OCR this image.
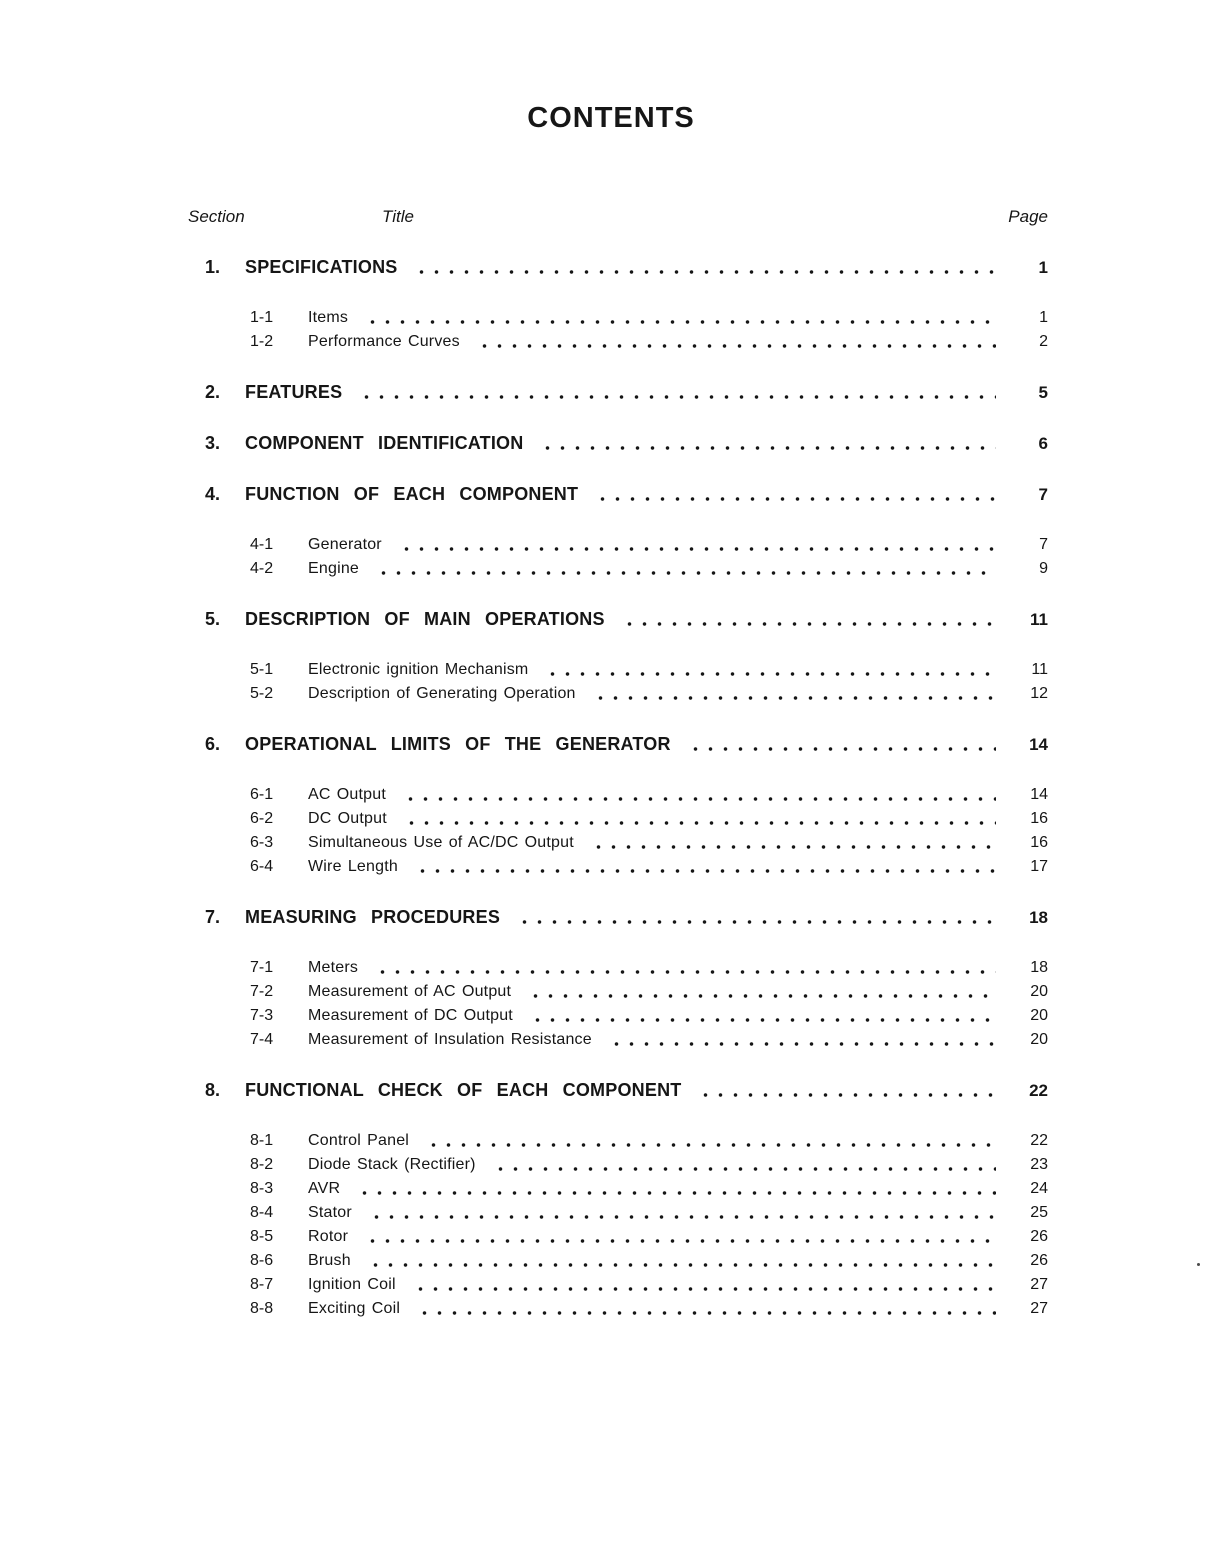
CONTENTS
Section	Title	Page
1.	SPECIFICATIONS	1
1-1	Items	1
1-2	Performance Curves	2
2.	FEATURES	5
3.	COMPONENT IDENTIFICATION	6
4.	FUNCTION OF EACH COMPONENT	7
4-1	Generator	7
4-2	Engine	9
5.	DESCRIPTION OF MAIN OPERATIONS	11
5-1	Electronic ignition Mechanism	11
5-2	Description of Generating Operation	12
6.	OPERATIONAL LIMITS OF THE GENERATOR	14
6-1	AC Output	14
6-2	DC Output	16
6-3	Simultaneous Use of AC/DC Output	16
6-4	Wire Length	17
7.	MEASURING PROCEDURES	18
7-1	Meters	18
7-2	Measurement of AC Output	20
7-3	Measurement of DC Output	20
7-4	Measurement of Insulation Resistance	20
8.	FUNCTIONAL CHECK OF EACH COMPONENT	22
8-1	Control Panel	22
8-2	Diode Stack (Rectifier)	23
8-3	AVR	24
8-4	Stator	25
8-5	Rotor	26
8-6	Brush	26
8-7	Ignition Coil	27
8-8	Exciting Coil	27
